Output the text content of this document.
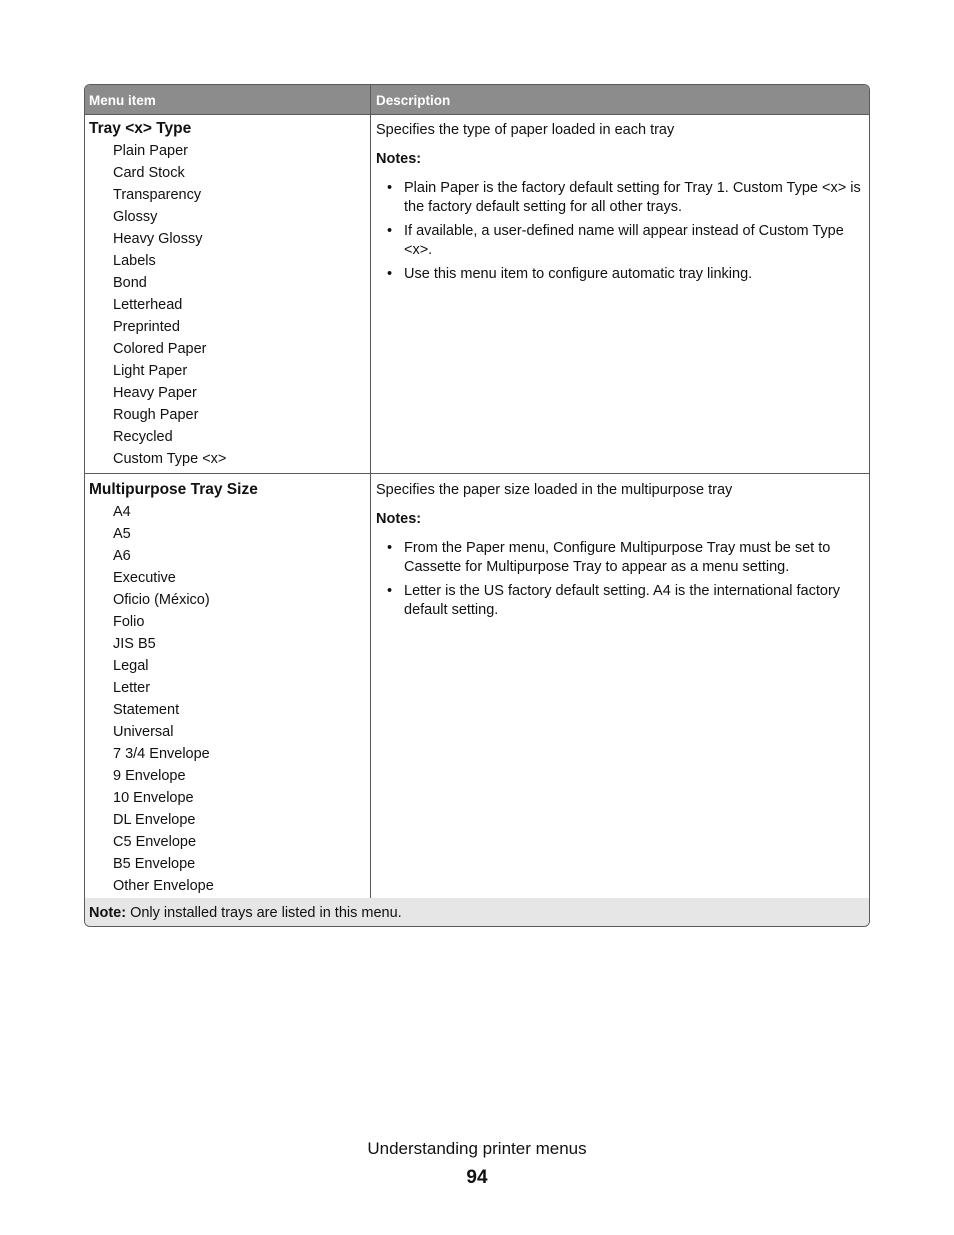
Menu item	Description

Tray <x> Type

Plain Paper
Card Stock
Transparency
Glossy
Heavy Glossy
Labels
Bond
Letterhead
Preprinted
Colored Paper
Light Paper
Heavy Paper
Rough Paper
Recycled
Custom Type <x>

Specifies the type of paper loaded in each tray

Notes:

• Plain Paper is the factory default setting for Tray 1. Custom Type <x> is the factory default setting for all other trays.
• If available, a user-defined name will appear instead of Custom Type <x>.
• Use this menu item to configure automatic tray linking.

Multipurpose Tray Size

A4
A5
A6
Executive
Oficio (México)
Folio
JIS B5
Legal
Letter
Statement
Universal
7 3/4 Envelope
9 Envelope
10 Envelope
DL Envelope
C5 Envelope
B5 Envelope
Other Envelope

Specifies the paper size loaded in the multipurpose tray

Notes:

• From the Paper menu, Configure Multipurpose Tray must be set to Cassette for Multipurpose Tray to appear as a menu setting.
• Letter is the US factory default setting. A4 is the international factory default setting.

Note: Only installed trays are listed in this menu.

Understanding printer menus
94
